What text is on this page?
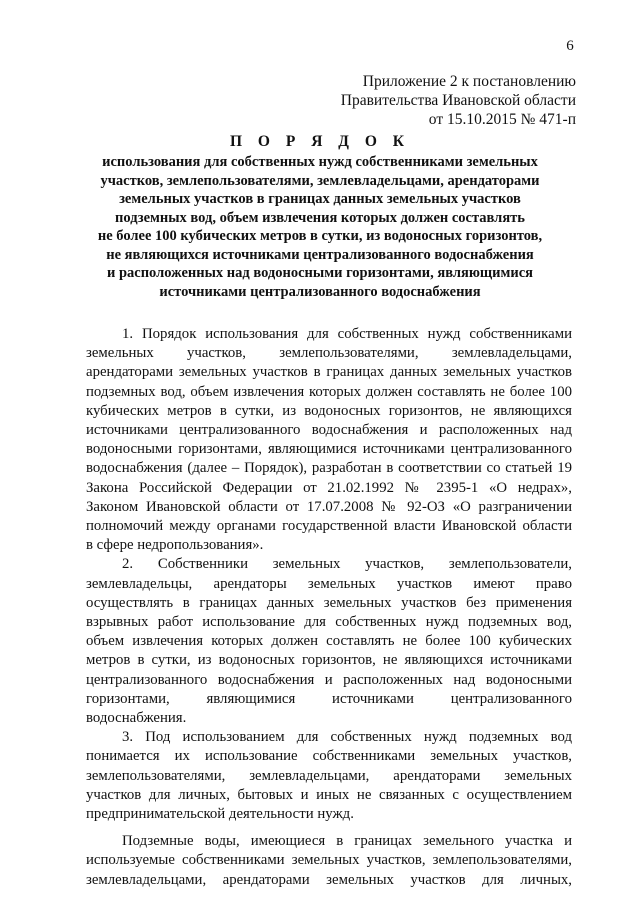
6
Приложение 2 к постановлению
Правительства Ивановской области
от 15.10.2015 № 471-п
П О Р Я Д О К
использования для собственных нужд собственниками земельных
участков, землепользователями, землевладельцами, арендаторами
земельных участков в границах данных земельных участков
подземных вод, объем извлечения которых должен составлять
не более 100 кубических метров в сутки, из водоносных горизонтов,
не являющихся источниками централизованного водоснабжения
и расположенных над водоносными горизонтами, являющимися
источниками централизованного водоснабжения
1. Порядок использования для собственных нужд собственниками
земельных участков, землепользователями, землевладельцами,
арендаторами земельных участков в границах данных земельных участков
подземных вод, объем извлечения которых должен составлять не более 100
кубических метров в сутки, из водоносных горизонтов, не являющихся
источниками централизованного водоснабжения и расположенных над
водоносными горизонтами, являющимися источниками централизованного
водоснабжения (далее – Порядок), разработан в соответствии со статьей 19
Закона Российской Федерации от 21.02.1992 № 2395-1 «О недрах»,
Законом Ивановской области от 17.07.2008 № 92-ОЗ «О разграничении
полномочий между органами государственной власти Ивановской области
в сфере недропользования».
2. Собственники земельных участков, землепользователи,
землевладельцы, арендаторы земельных участков имеют право
осуществлять в границах данных земельных участков без применения
взрывных работ использование для собственных нужд подземных вод,
объем извлечения которых должен составлять не более 100 кубических
метров в сутки, из водоносных горизонтов, не являющихся источниками
централизованного водоснабжения и расположенных над водоносными
горизонтами, являющимися источниками централизованного
водоснабжения.
3. Под использованием для собственных нужд подземных вод
понимается их использование собственниками земельных участков,
землепользователями, землевладельцами, арендаторами земельных
участков для личных, бытовых и иных не связанных с осуществлением
предпринимательской деятельности нужд.
Подземные воды, имеющиеся в границах земельного участка и
используемые собственниками земельных участков, землепользователями,
землевладельцами, арендаторами земельных участков для личных,
